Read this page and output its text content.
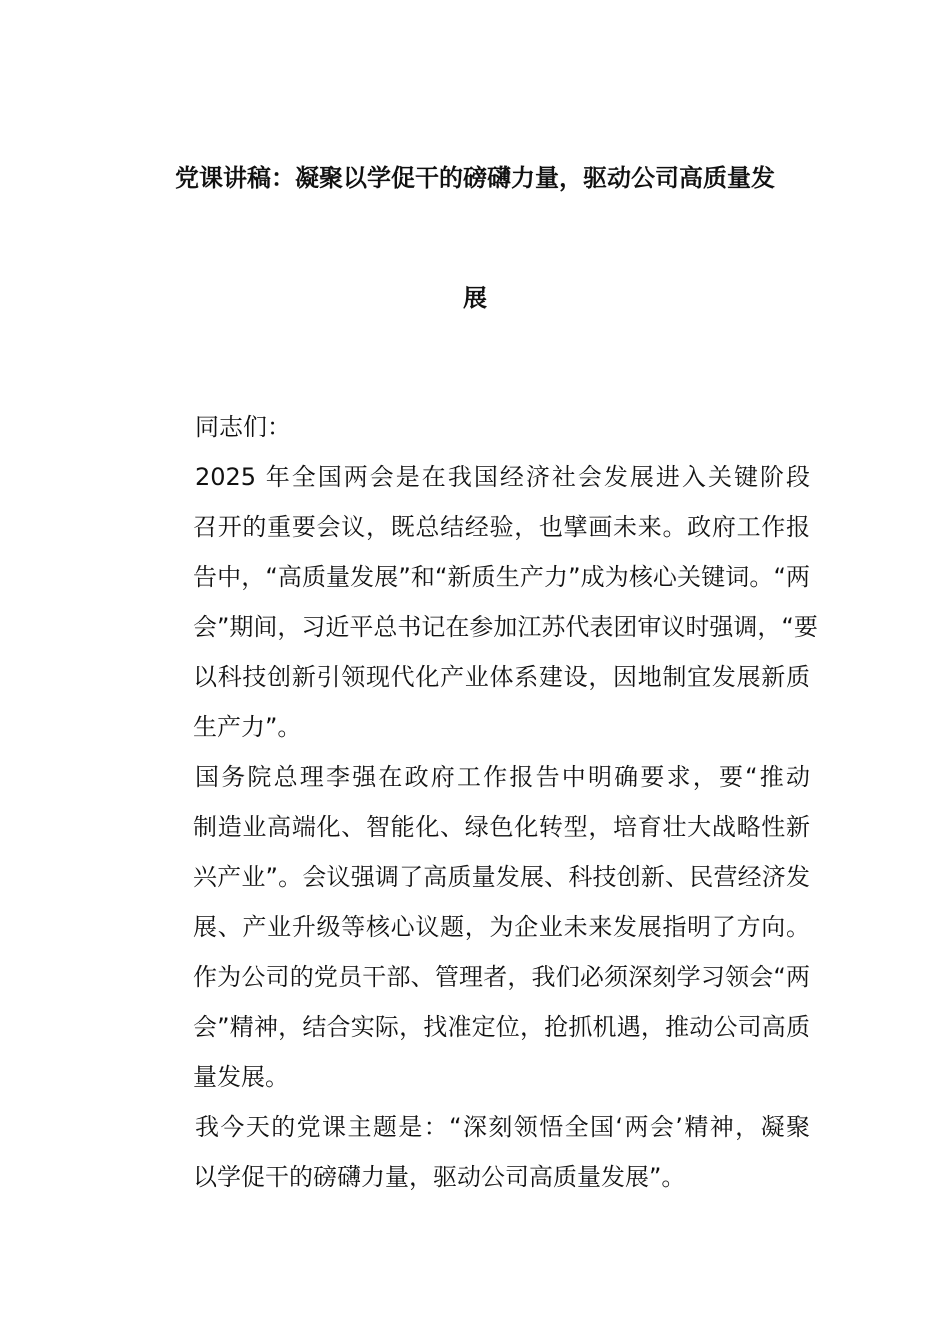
党课讲稿：凝聚以学促干的磅礴力量，驱动公司高质量发
展
同志们：
2025 年全国两会是在我国经济社会发展进入关键阶段
召开的重要会议，既总结经验，也擘画未来。政府工作报
告中，“高质量发展”和“新质生产力”成为核心关键词。“两
会”期间，习近平总书记在参加江苏代表团审议时强调，“要
以科技创新引领现代化产业体系建设，因地制宜发展新质
生产力”。
国务院总理李强在政府工作报告中明确要求，要“推动
制造业高端化、智能化、绿色化转型，培育壮大战略性新
兴产业”。会议强调了高质量发展、科技创新、民营经济发
展、产业升级等核心议题，为企业未来发展指明了方向。
作为公司的党员干部、管理者，我们必须深刻学习领会“两
会”精神，结合实际，找准定位，抢抓机遇，推动公司高质
量发展。
我今天的党课主题是：“深刻领悟全国‘两会’精神，凝聚
以学促干的磅礴力量，驱动公司高质量发展”。
